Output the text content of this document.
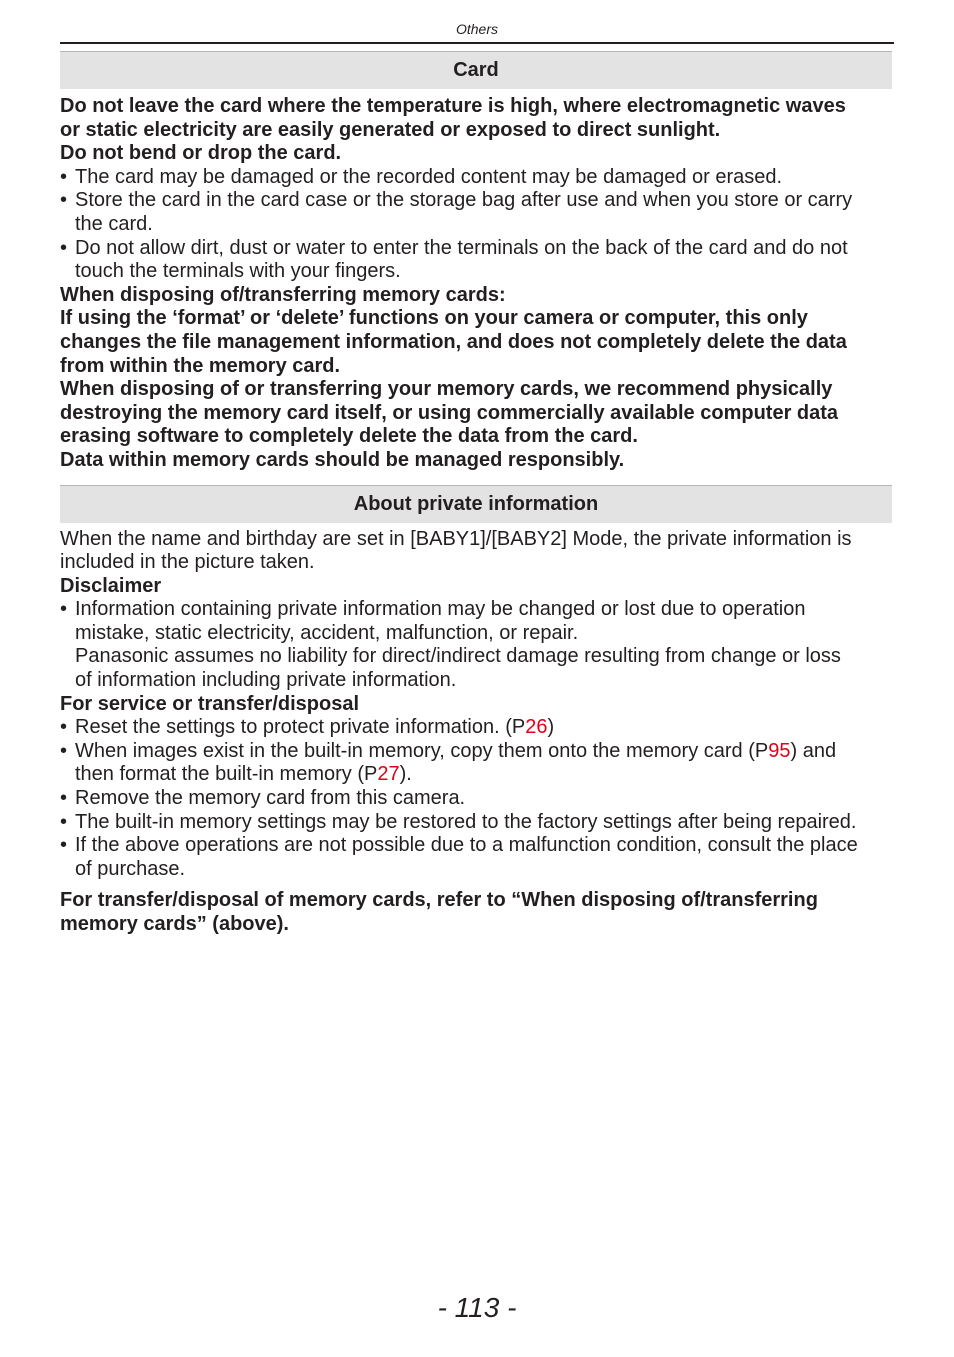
Others
Card

Do not leave the card where the temperature is high, where electromagnetic waves

or static electricity are easily generated or exposed to direct sunlight.

Do not bend or drop the card.

• The card may be damaged or the recorded content may be damaged or erased.
• Store the card in the card case or the storage bag after use and when you store or carry
the card.
• Do not allow dirt, dust or water to enter the terminals on the back of the card and do not
touch the terminals with your fingers.

When disposing of/transferring memory cards:

If using the ‘format’ or ‘delete’ functions on your camera or computer, this only

changes the file management information, and does not completely delete the data

from within the memory card.

When disposing of or transferring your memory cards, we recommend physically

destroying the memory card itself, or using commercially available computer data

erasing software to completely delete the data from the card.

Data within memory cards should be managed responsibly.

About private information

When the name and birthday are set in [BABY1]/[BABY2] Mode, the private information is

included in the picture taken.

Disclaimer

• Information containing private information may be changed or lost due to operation
mistake, static electricity, accident, malfunction, or repair.
Panasonic assumes no liability for direct/indirect damage resulting from change or loss
of information including private information.

For service or transfer/disposal

• Reset the settings to protect private information. (P26)
• When images exist in the built-in memory, copy them onto the memory card (P95) and
then format the built-in memory (P27).
• Remove the memory card from this camera.
• The built-in memory settings may be restored to the factory settings after being repaired.
• If the above operations are not possible due to a malfunction condition, consult the place
of purchase.

For transfer/disposal of memory cards, refer to “When disposing of/transferring

memory cards” (above).

- 113 -
